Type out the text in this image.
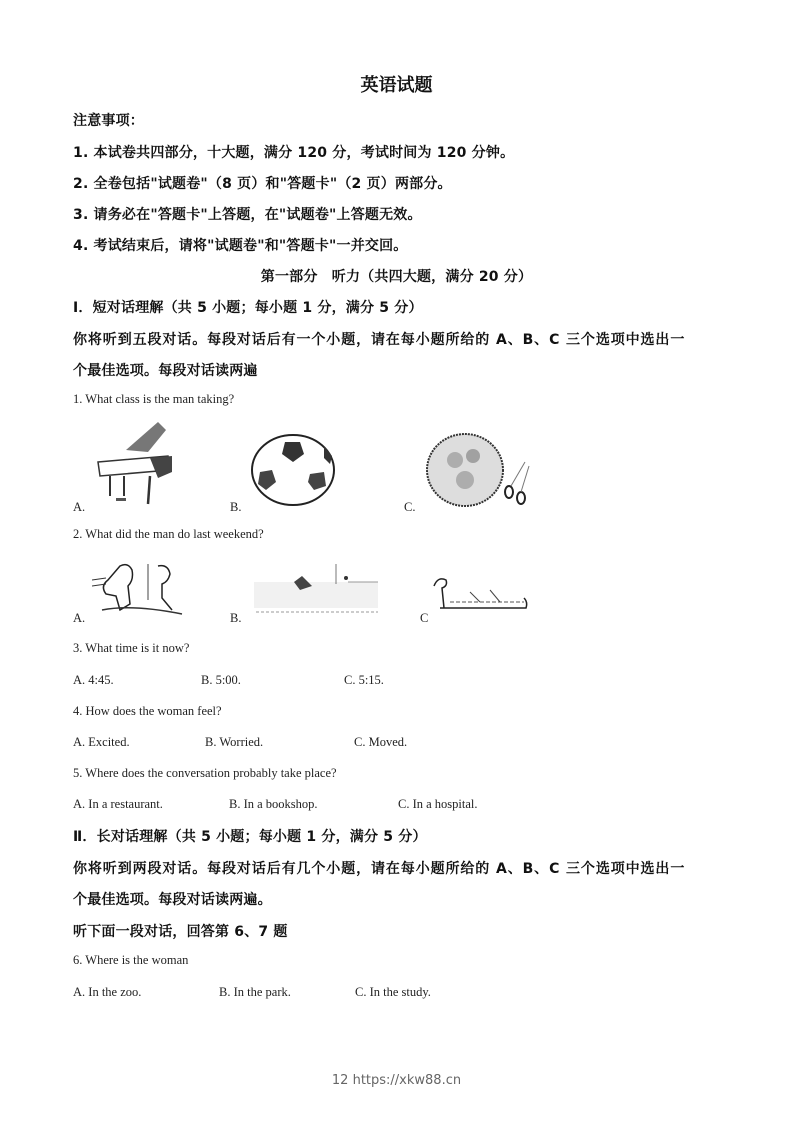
英语试题
注意事项：
1. 本试卷共四部分，十大题，满分 120 分，考试时间为 120 分钟。
2. 全卷包括"试题卷"（8 页）和"答题卡"（2 页）两部分。
3. 请务必在"答题卡"上答题，在"试题卷"上答题无效。
4. 考试结束后，请将"试题卷"和"答题卡"一并交回。
第一部分　听力（共四大题，满分 20 分）
Ⅰ．短对话理解（共 5 小题；每小题 1 分，满分 5 分）
你将听到五段对话。每段对话后有一个小题，请在每小题所给的 A、B、C 三个选项中选出一
个最佳选项。每段对话读两遍
1. What class is the man taking?
A.	B.	C.
2. What did the man do last weekend?
A.	B.	C
3. What time is it now?
A. 4:45.	B. 5:00.	C. 5:15.
4. How does the woman feel?
A. Excited.	B. Worried.	C. Moved.
5. Where does the conversation probably take place?
A. In a restaurant.	B. In a bookshop.	C. In a hospital.
Ⅱ．长对话理解（共 5 小题；每小题 1 分，满分 5 分）
你将听到两段对话。每段对话后有几个小题，请在每小题所给的 A、B、C 三个选项中选出一
个最佳选项。每段对话读两遍。
听下面一段对话，回答第 6、7 题
6. Where is the woman
A. In the zoo.	B. In the park.	C. In the study.
12 https://xkw88.cn
